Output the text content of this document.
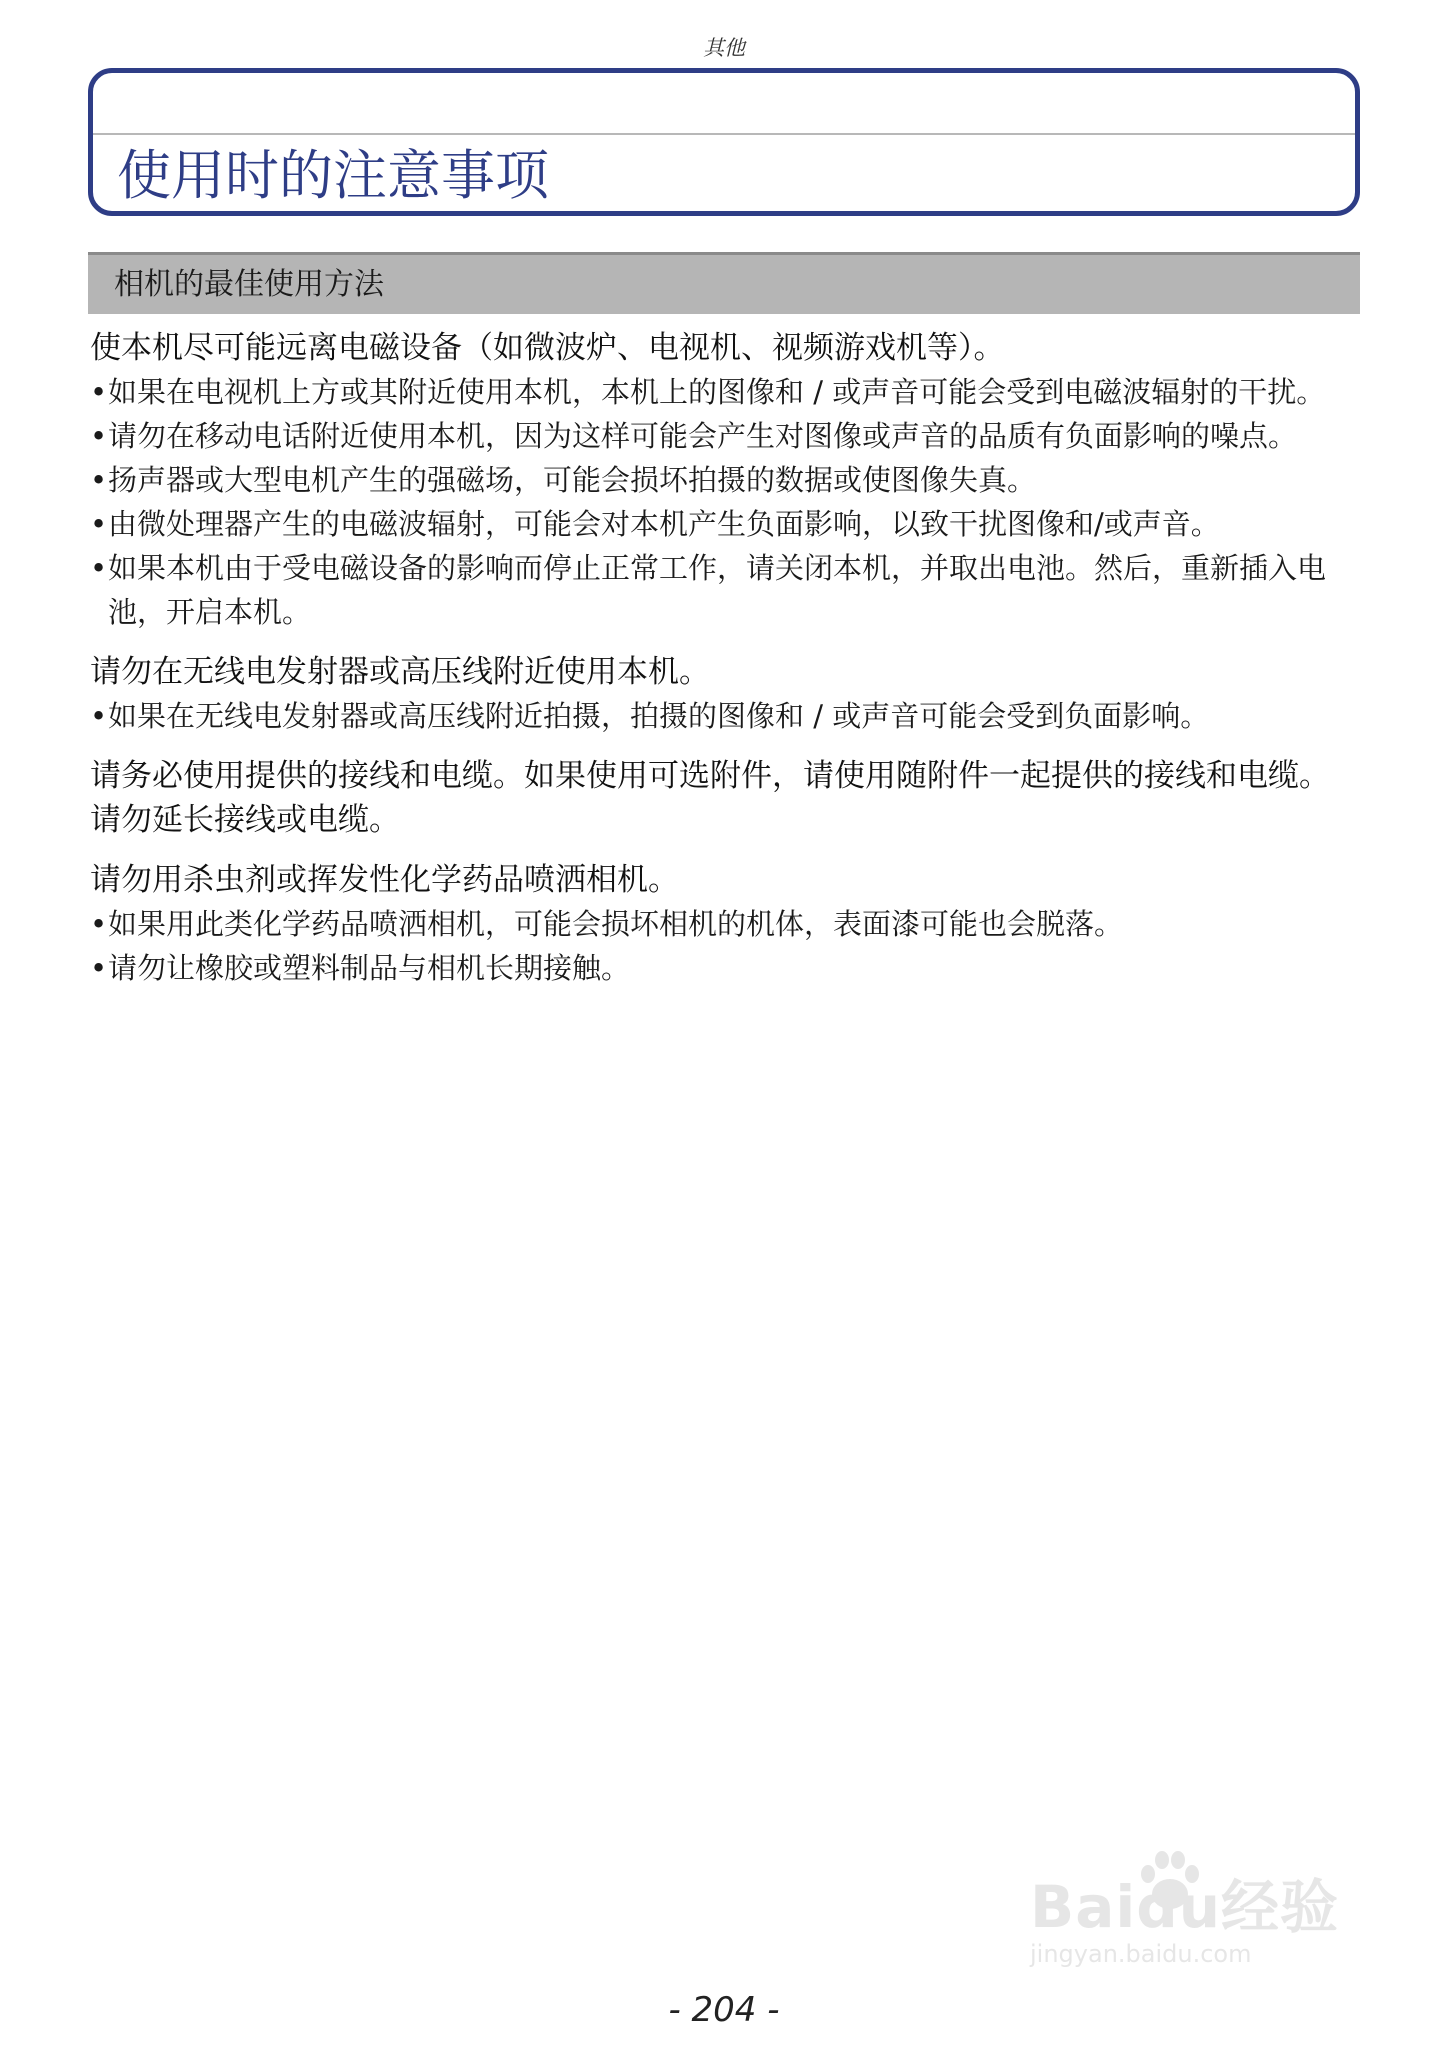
其他
使用时的注意事项
相机的最佳使用方法

使本机尽可能远离电磁设备（如微波炉、电视机、视频游戏机等）。

• 如果在电视机上方或其附近使用本机，本机上的图像和 / 或声音可能会受到电磁波辐射的干扰。
• 请勿在移动电话附近使用本机，因为这样可能会产生对图像或声音的品质有负面影响的噪点。
• 扬声器或大型电机产生的强磁场，可能会损坏拍摄的数据或使图像失真。
• 由微处理器产生的电磁波辐射，可能会对本机产生负面影响，以致干扰图像和/或声音。
• 如果本机由于受电磁设备的影响而停止正常工作，请关闭本机，并取出电池。然后，重新插入电池，开启本机。

请勿在无线电发射器或高压线附近使用本机。

• 如果在无线电发射器或高压线附近拍摄，拍摄的图像和 / 或声音可能会受到负面影响。

请务必使用提供的接线和电缆。如果使用可选附件，请使用随附件一起提供的接线和电缆。
请勿延长接线或电缆。

请勿用杀虫剂或挥发性化学药品喷洒相机。

• 如果用此类化学药品喷洒相机，可能会损坏相机的机体，表面漆可能也会脱落。
• 请勿让橡胶或塑料制品与相机长期接触。
Baidu经验
jingyan.baidu.com
- 204 -
